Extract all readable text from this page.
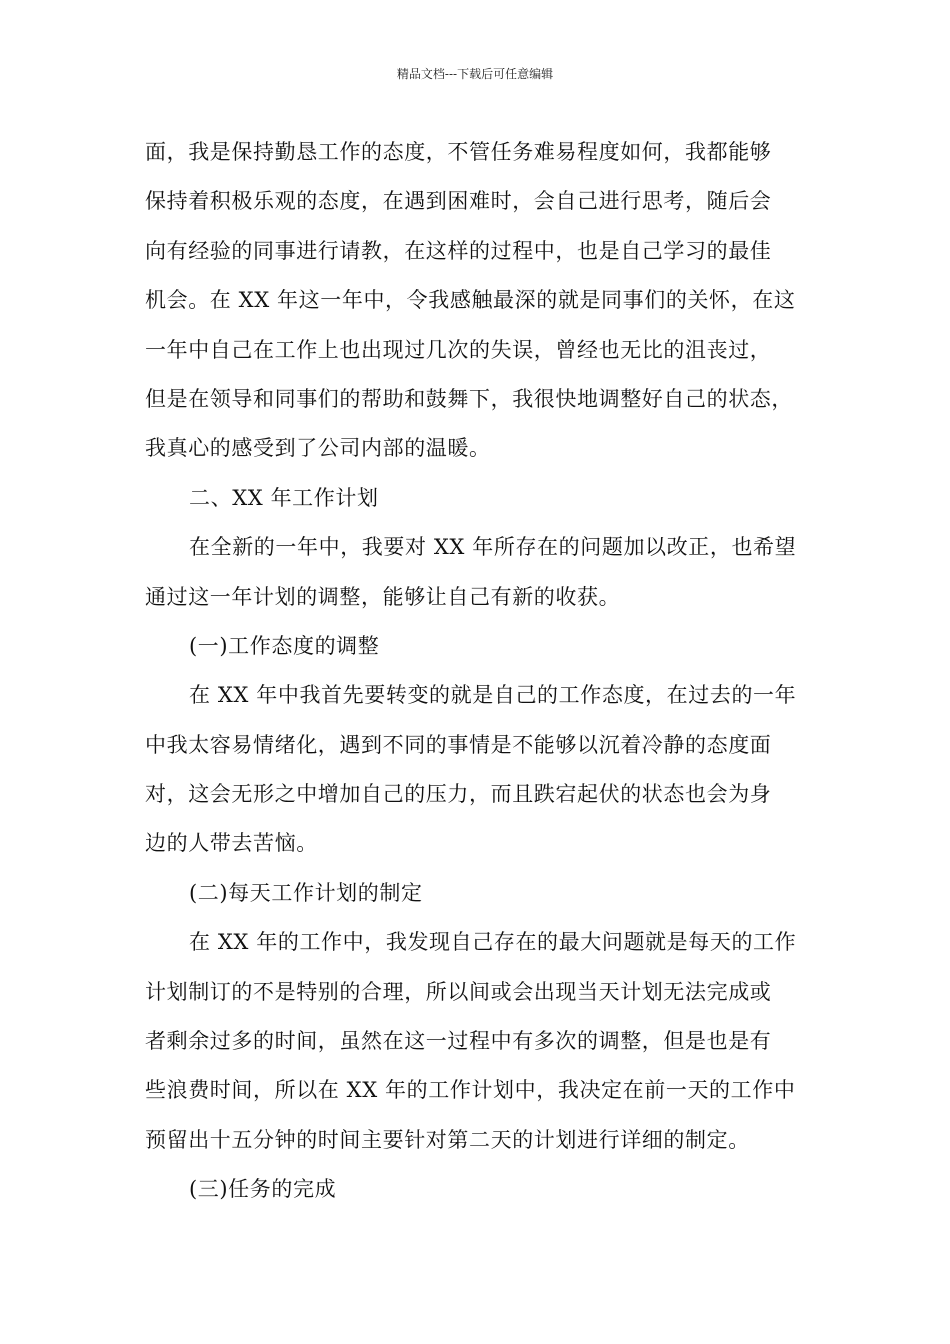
精品文档---下载后可任意编辑
面，我是保持勤恳工作的态度，不管任务难易程度如何，我都能够
保持着积极乐观的态度，在遇到困难时，会自己进行思考，随后会
向有经验的同事进行请教，在这样的过程中，也是自己学习的最佳
机会。在 XX 年这一年中，令我感触最深的就是同事们的关怀，在这
一年中自己在工作上也出现过几次的失误，曾经也无比的沮丧过，
但是在领导和同事们的帮助和鼓舞下，我很快地调整好自己的状态，
我真心的感受到了公司内部的温暖。
二、XX 年工作计划
在全新的一年中，我要对 XX 年所存在的问题加以改正，也希望
通过这一年计划的调整，能够让自己有新的收获。
(一)工作态度的调整
在 XX 年中我首先要转变的就是自己的工作态度，在过去的一年
中我太容易情绪化，遇到不同的事情是不能够以沉着冷静的态度面
对，这会无形之中增加自己的压力，而且跌宕起伏的状态也会为身
边的人带去苦恼。
(二)每天工作计划的制定
在 XX 年的工作中，我发现自己存在的最大问题就是每天的工作
计划制订的不是特别的合理，所以间或会出现当天计划无法完成或
者剩余过多的时间，虽然在这一过程中有多次的调整，但是也是有
些浪费时间，所以在 XX 年的工作计划中，我决定在前一天的工作中
预留出十五分钟的时间主要针对第二天的计划进行详细的制定。
(三)任务的完成
